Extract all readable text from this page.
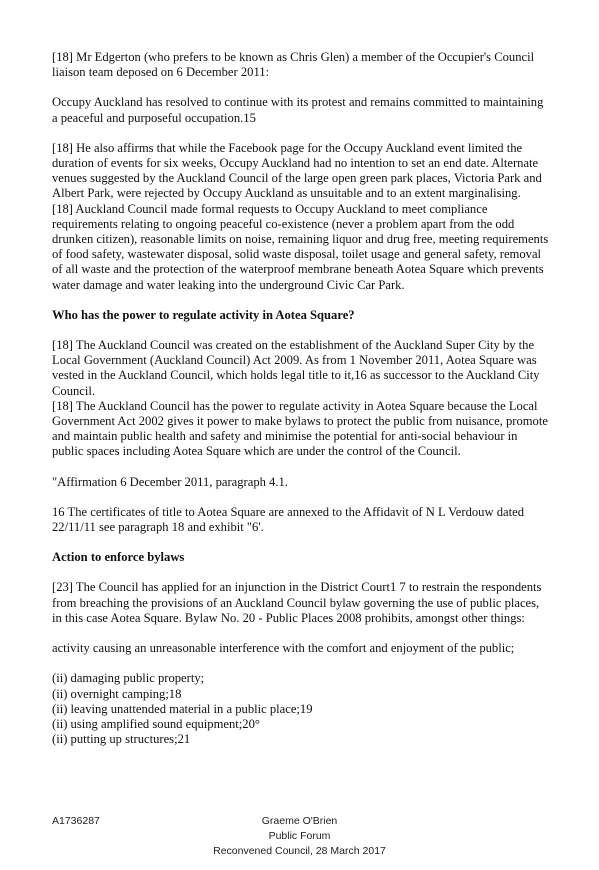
[18] Mr Edgerton (who prefers to be known as Chris Glen) a member of the Occupier's Council liaison team deposed on 6 December 2011:

Occupy Auckland has resolved to continue with its protest and remains committed to maintaining a peaceful and purposeful occupation.15

[18] He also affirms that while the Facebook page for the Occupy Auckland event limited the duration of events for six weeks, Occupy Auckland had no intention to set an end date. Alternate venues suggested by the Auckland Council of the large open green park places, Victoria Park and Albert Park, were rejected by Occupy Auckland as unsuitable and to an extent marginalising.

[18] Auckland Council made formal requests to Occupy Auckland to meet compliance requirements relating to ongoing peaceful co-existence (never a problem apart from the odd drunken citizen), reasonable limits on noise, remaining liquor and drug free, meeting requirements of food safety, wastewater disposal, solid waste disposal, toilet usage and general safety, removal of all waste and the protection of the waterproof membrane beneath Aotea Square which prevents water damage and water leaking into the underground Civic Car Park.

Who has the power to regulate activity in Aotea Square?

[18] The Auckland Council was created on the establishment of the Auckland Super City by the Local Government (Auckland Council) Act 2009. As from 1 November 2011, Aotea Square was vested in the Auckland Council, which holds legal title to it,16 as successor to the Auckland City Council.

[18] The Auckland Council has the power to regulate activity in Aotea Square because the Local Government Act 2002 gives it power to make bylaws to protect the public from nuisance, promote and maintain public health and safety and minimise the potential for anti-social behaviour in public spaces including Aotea Square which are under the control of the Council.

"Affirmation 6 December 2011, paragraph 4.1.

16 The certificates of title to Aotea Square are annexed to the Affidavit of N L Verdouw dated 22/11/11 see paragraph 18 and exhibit "6'.

Action to enforce bylaws

[23] The Council has applied for an injunction in the District Court1 7 to restrain the respondents from breaching the provisions of an Auckland Council bylaw governing the use of public places, in this case Aotea Square. Bylaw No. 20 - Public Places 2008 prohibits, amongst other things:

activity causing an unreasonable interference with the comfort and enjoyment of the public;

(ii) damaging public property;

(ii) overnight camping;18

(ii) leaving unattended material in a public place;19

(ii) using amplified sound equipment;20°

(ii) putting up structures;21

A1736287	Graeme O'Brien
Public Forum
Reconvened Council, 28 March 2017
